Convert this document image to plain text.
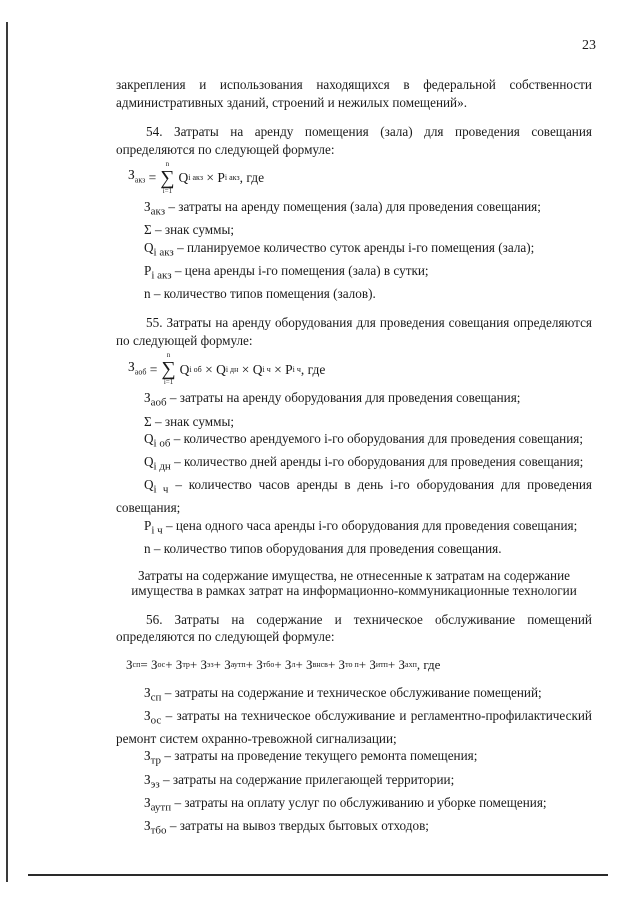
23

закрепления и использования находящихся в федеральной собственности административных зданий, строений и нежилых помещений».

54. Затраты на аренду помещения (зала) для проведения совещания определяются по следующей формуле:

$З_{акз}$
=
n
∑
i=1
Q i акз
×
P i акз , где

$З_{акз}$ – затраты на аренду помещения (зала) для проведения совещания;

Σ – знак суммы;

$Q_{i акз}$ – планируемое количество суток аренды i-го помещения (зала);

$P_{i акз}$ – цена аренды i-го помещения (зала) в сутки;

n – количество типов помещения (залов).

55. Затраты на аренду оборудования для проведения совещания определяются по следующей формуле:

$З_{аоб}$
=
n
∑
i=1
Q i об
×
Q i дн
×
Q i ч
×
P i ч , где

$З_{аоб}$ – затраты на аренду оборудования для проведения совещания;

Σ – знак суммы;

$Q_{i об}$ – количество арендуемого i-го оборудования для проведения совещания;

$Q_{i дн}$ – количество дней аренды i-го оборудования для проведения совещания;

$Q_{i ч}$ – количество часов аренды в день i-го оборудования для проведения совещания;

$P_{i ч}$ – цена одного часа аренды i-го оборудования для проведения совещания;

n – количество типов оборудования для проведения совещания.

Затраты на содержание имущества, не отнесенные к затратам на содержание имущества в рамках затрат на информационно-коммуникационные технологии

56. Затраты на содержание и техническое обслуживание помещений определяются по следующей формуле:

З сп = З ос + З тр + З эз + З аутп + З тбо + З л + З внсв + З то п + З итп + З ахп , где

$З_{сп}$ – затраты на содержание и техническое обслуживание помещений;

$З_{ос}$ – затраты на техническое обслуживание и регламентно-профилактический ремонт систем охранно-тревожной сигнализации;

$З_{тр}$ – затраты на проведение текущего ремонта помещения;

$З_{эз}$ – затраты на содержание прилегающей территории;

$З_{аутп}$ – затраты на оплату услуг по обслуживанию и уборке помещения;

$З_{тбо}$ – затраты на вывоз твердых бытовых отходов;
